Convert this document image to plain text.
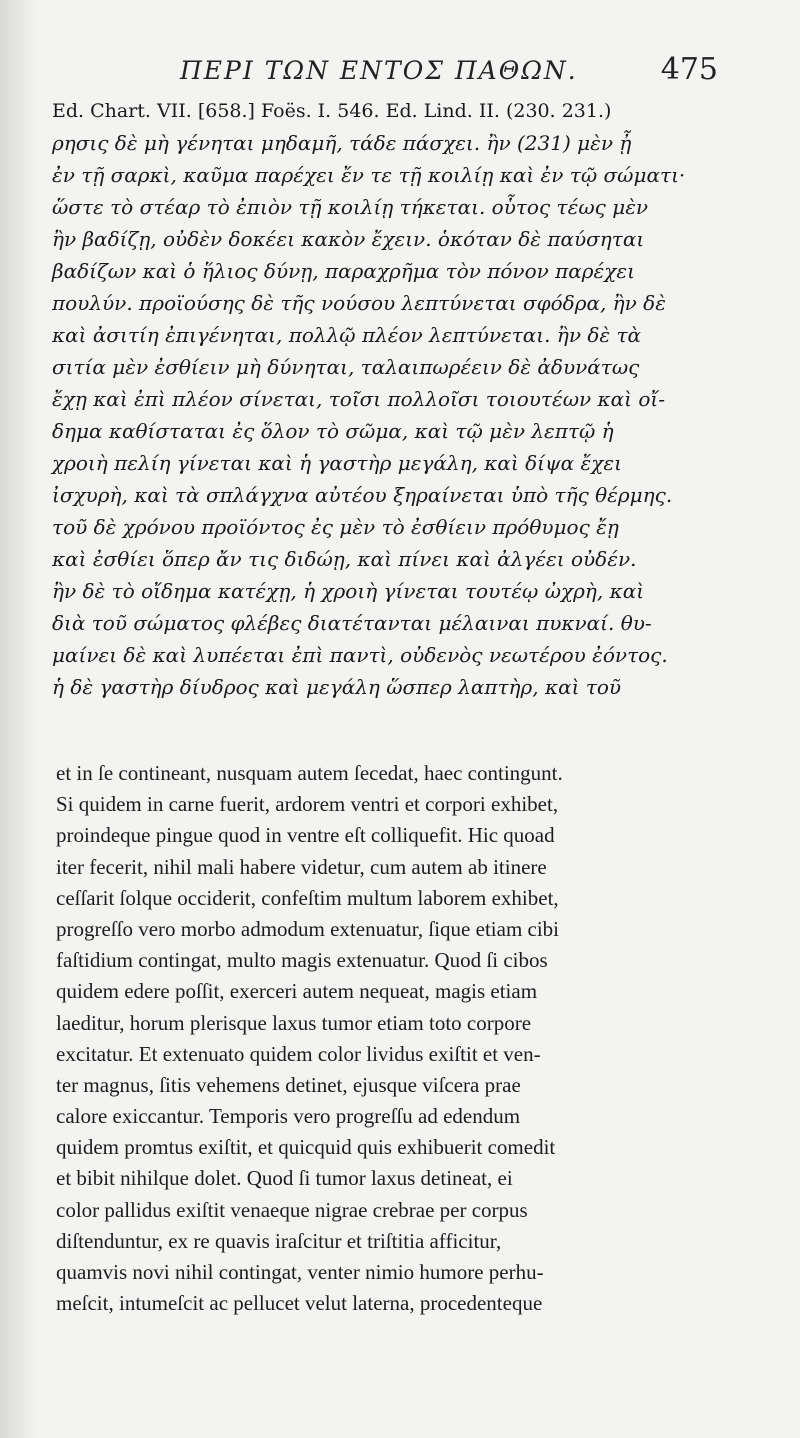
ΠΕΡΙ ΤΩΝ ΕΝΤΟΣ ΠΑΘΩΝ.	475
Ed. Chart. VII. [658.] Foës. I. 546. Ed. Lind. II. (230. 231.)
ρησις δὲ μὴ γένηται μηδαμῆ, τάδε πάσχει. ἢν (231) μὲν ᾖ
ἐν τῇ σαρκὶ, καῦμα παρέχει ἔν τε τῇ κοιλίῃ καὶ ἐν τῷ σώματι·
ὥστε τὸ στέαρ τὸ ἐπιὸν τῇ κοιλίῃ τήκεται. οὗτος τέως μὲν
ἢν βαδίζῃ, οὐδὲν δοκέει κακὸν ἔχειν. ὁκόταν δὲ παύσηται
βαδίζων καὶ ὁ ἥλιος δύνῃ, παραχρῆμα τὸν πόνον παρέχει
πουλύν. προϊούσης δὲ τῆς νούσου λεπτύνεται σφόδρα, ἢν δὲ
καὶ ἀσιτίη ἐπιγένηται, πολλῷ πλέον λεπτύνεται. ἢν δὲ τὰ
σιτία μὲν ἐσθίειν μὴ δύνηται, ταλαιπωρέειν δὲ ἀδυνάτως
ἔχῃ καὶ ἐπὶ πλέον σίνεται, τοῖσι πολλοῖσι τοιουτέων καὶ οἴ-
δημα καθίσταται ἐς ὅλον τὸ σῶμα, καὶ τῷ μὲν λεπτῷ ἡ
χροιὴ πελίη γίνεται καὶ ἡ γαστὴρ μεγάλη, καὶ δίψα ἔχει
ἰσχυρὴ, καὶ τὰ σπλάγχνα αὐτέου ξηραίνεται ὑπὸ τῆς θέρμης.
τοῦ δὲ χρόνου προϊόντος ἐς μὲν τὸ ἐσθίειν πρόθυμος ἔῃ
καὶ ἐσθίει ὅπερ ἄν τις διδώῃ, καὶ πίνει καὶ ἀλγέει οὐδέν.
ἢν δὲ τὸ οἴδημα κατέχῃ, ἡ χροιὴ γίνεται τουτέῳ ὠχρὴ, καὶ
διὰ τοῦ σώματος φλέβες διατέτανται μέλαιναι πυκναί. θυ-
μαίνει δὲ καὶ λυπέεται ἐπὶ παντὶ, οὐδενὸς νεωτέρου ἐόντος.
ἡ δὲ γαστὴρ δίυδρος καὶ μεγάλη ὥσπερ λαπτὴρ, καὶ τοῦ
et in ſe contineant, nusquam autem ſecedat, haec contingunt.
Si quidem in carne fuerit, ardorem ventri et corpori exhibet,
proindeque pingue quod in ventre eſt colliquefit. Hic quoad
iter fecerit, nihil mali habere videtur, cum autem ab itinere
ceſſarit ſolque occiderit, confeſtim multum laborem exhibet,
progreſſo vero morbo admodum extenuatur, ſique etiam cibi
faſtidium contingat, multo magis extenuatur. Quod ſi cibos
quidem edere poſſit, exerceri autem nequeat, magis etiam
laeditur, horum plerisque laxus tumor etiam toto corpore
excitatur. Et extenuato quidem color lividus exiſtit et ven-
ter magnus, ſitis vehemens detinet, ejusque viſcera prae
calore exiccantur. Temporis vero progreſſu ad edendum
quidem promtus exiſtit, et quicquid quis exhibuerit comedit
et bibit nihilque dolet. Quod ſi tumor laxus detineat, ei
color pallidus exiſtit venaeque nigrae crebrae per corpus
diſtenduntur, ex re quavis iraſcitur et triſtitia afficitur,
quamvis novi nihil contingat, venter nimio humore perhu-
meſcit, intumeſcit ac pellucet velut laterna, procedenteque
